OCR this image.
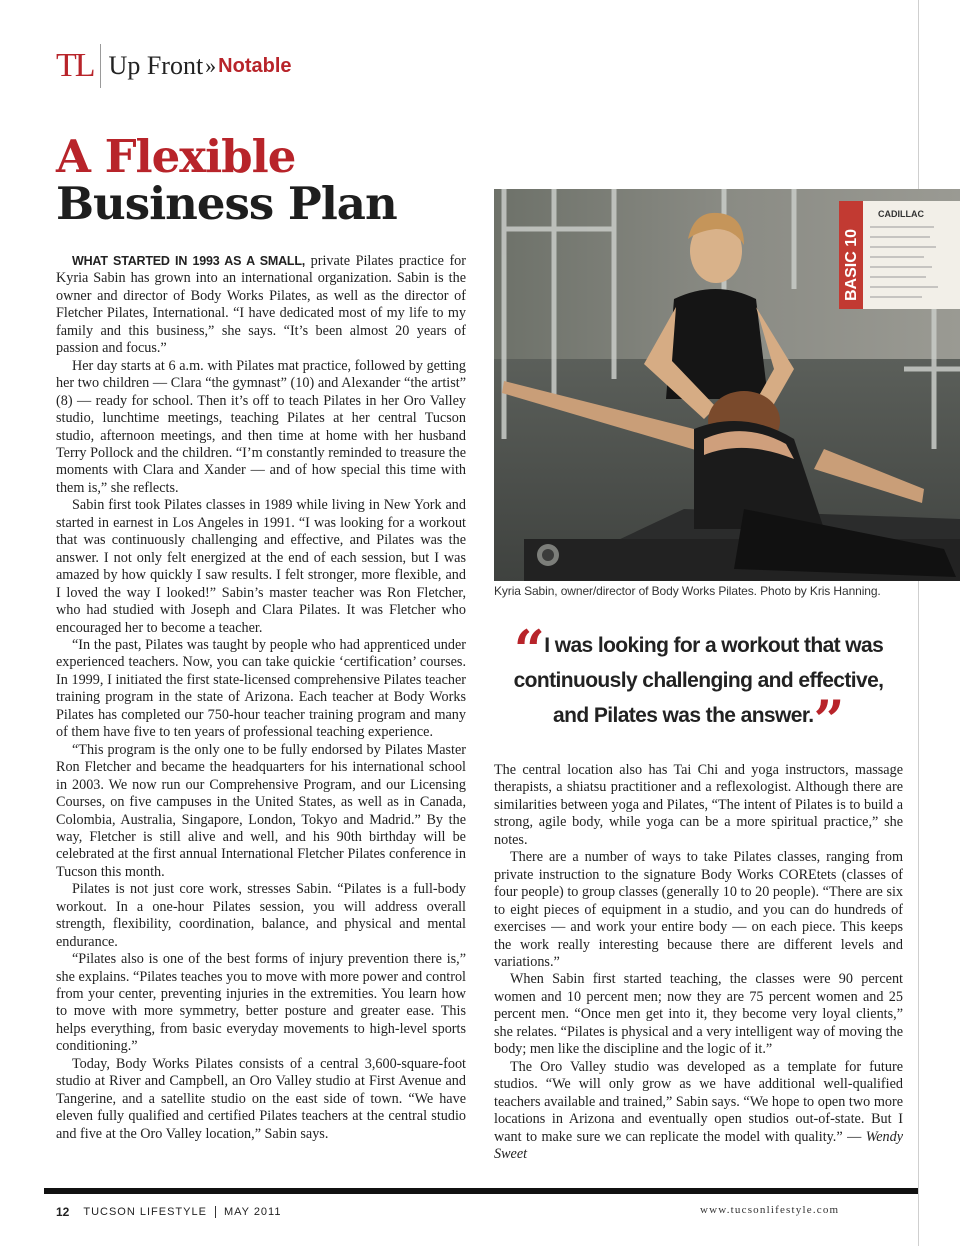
TL Up Front » Notable
A Flexible
Business Plan

WHAT STARTED IN 1993 AS A SMALL, private Pilates practice for Kyria Sabin has grown into an international organization. Sabin is the owner and director of Body Works Pilates, as well as the director of Fletcher Pilates, International. “I have dedicated most of my life to my family and this business,” she says. “It’s been almost 20 years of passion and focus.”

Her day starts at 6 a.m. with Pilates mat practice, followed by getting her two children — Clara “the gymnast” (10) and Alexander “the artist” (8) — ready for school. Then it’s off to teach Pilates in her Oro Valley studio, lunchtime meetings, teaching Pilates at her central Tucson studio, afternoon meetings, and then time at home with her husband Terry Pollock and the children. “I’m constantly reminded to treasure the moments with Clara and Xander — and of how special this time with them is,” she reflects.

Sabin first took Pilates classes in 1989 while living in New York and started in earnest in Los Angeles in 1991. “I was looking for a workout that was continuously challenging and effective, and Pilates was the answer. I not only felt energized at the end of each session, but I was amazed by how quickly I saw results. I felt stronger, more flexible, and I loved the way I looked!” Sabin’s master teacher was Ron Fletcher, who had studied with Joseph and Clara Pilates. It was Fletcher who encouraged her to become a teacher.

“In the past, Pilates was taught by people who had apprenticed under experienced teachers. Now, you can take quickie ‘certification’ courses. In 1999, I initiated the first state-licensed comprehensive Pilates teacher training program in the state of Arizona. Each teacher at Body Works Pilates has completed our 750-hour teacher training program and many of them have five to ten years of professional teaching experience.

“This program is the only one to be fully endorsed by Pilates Master Ron Fletcher and became the headquarters for his international school in 2003. We now run our Comprehensive Program, and our Licensing Courses, on five campuses in the United States, as well as in Canada, Colombia, Australia, Singapore, London, Tokyo and Madrid.” By the way, Fletcher is still alive and well, and his 90th birthday will be celebrated at the first annual International Fletcher Pilates conference in Tucson this month.

Pilates is not just core work, stresses Sabin. “Pilates is a full-body workout. In a one-hour Pilates session, you will address overall strength, flexibility, coordination, balance, and physical and mental endurance.

“Pilates also is one of the best forms of injury prevention there is,” she explains. “Pilates teaches you to move with more power and control from your center, preventing injuries in the extremities. You learn how to move with more symmetry, better posture and greater ease. This helps everything, from basic everyday movements to high-level sports conditioning.”

Today, Body Works Pilates consists of a central 3,600-square-foot studio at River and Campbell, an Oro Valley studio at First Avenue and Tangerine, and a satellite studio on the east side of town. “We have eleven fully qualified and certified Pilates teachers at the central studio and five at the Oro Valley location,” Sabin says.

BASIC 10
CADILLAC
Kyria Sabin, owner/director of Body Works Pilates. Photo by Kris Hanning.
“I was looking for a workout that was continuously challenging and effective, and Pilates was the answer.”

The central location also has Tai Chi and yoga instructors, massage therapists, a shiatsu practitioner and a reflexologist. Although there are similarities between yoga and Pilates, “The intent of Pilates is to build a strong, agile body, while yoga can be a more spiritual practice,” she notes.

There are a number of ways to take Pilates classes, ranging from private instruction to the signature Body Works COREtets (classes of four people) to group classes (generally 10 to 20 people). “There are six to eight pieces of equipment in a studio, and you can do hundreds of exercises — and work your entire body — on each piece. This keeps the work really interesting because there are different levels and variations.”

When Sabin first started teaching, the classes were 90 percent women and 10 percent men; now they are 75 percent women and 25 percent men. “Once men get into it, they become very loyal clients,” she relates. “Pilates is physical and a very intelligent way of moving the body; men like the discipline and the logic of it.”

The Oro Valley studio was developed as a template for future studios. “We will only grow as we have additional well-qualified teachers available and trained,” Sabin says. “We hope to open two more locations in Arizona and eventually open studios out-of-state. But I want to make sure we can replicate the model with quality.” — Wendy Sweet

12 TUCSON LIFESTYLE MAY 2011	www.tucsonlifestyle.com
